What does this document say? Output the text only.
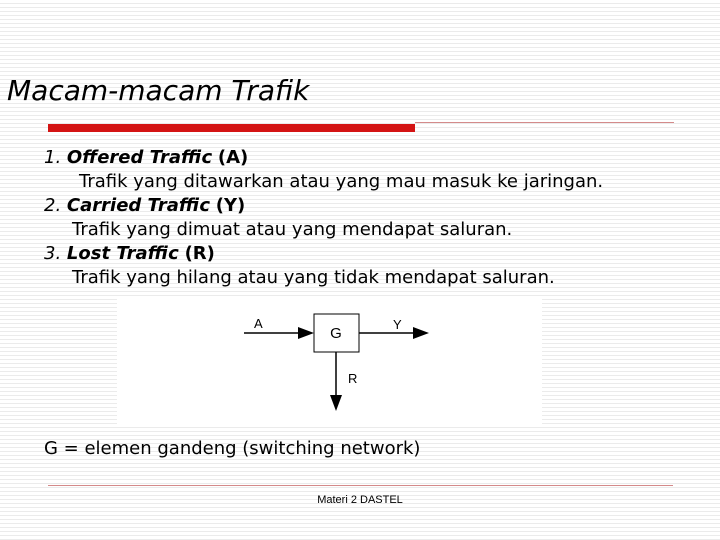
Macam-macam Trafik
1. Offered Traffic (A)
Trafik yang ditawarkan atau yang mau masuk ke jaringan.
2. Carried Traffic (Y)
Trafik yang dimuat atau yang mendapat saluran.
3. Lost Traffic (R)
Trafik yang hilang atau yang tidak mendapat saluran.
A
G
Y
R
G = elemen gandeng (switching network)
Materi 2 DASTEL
